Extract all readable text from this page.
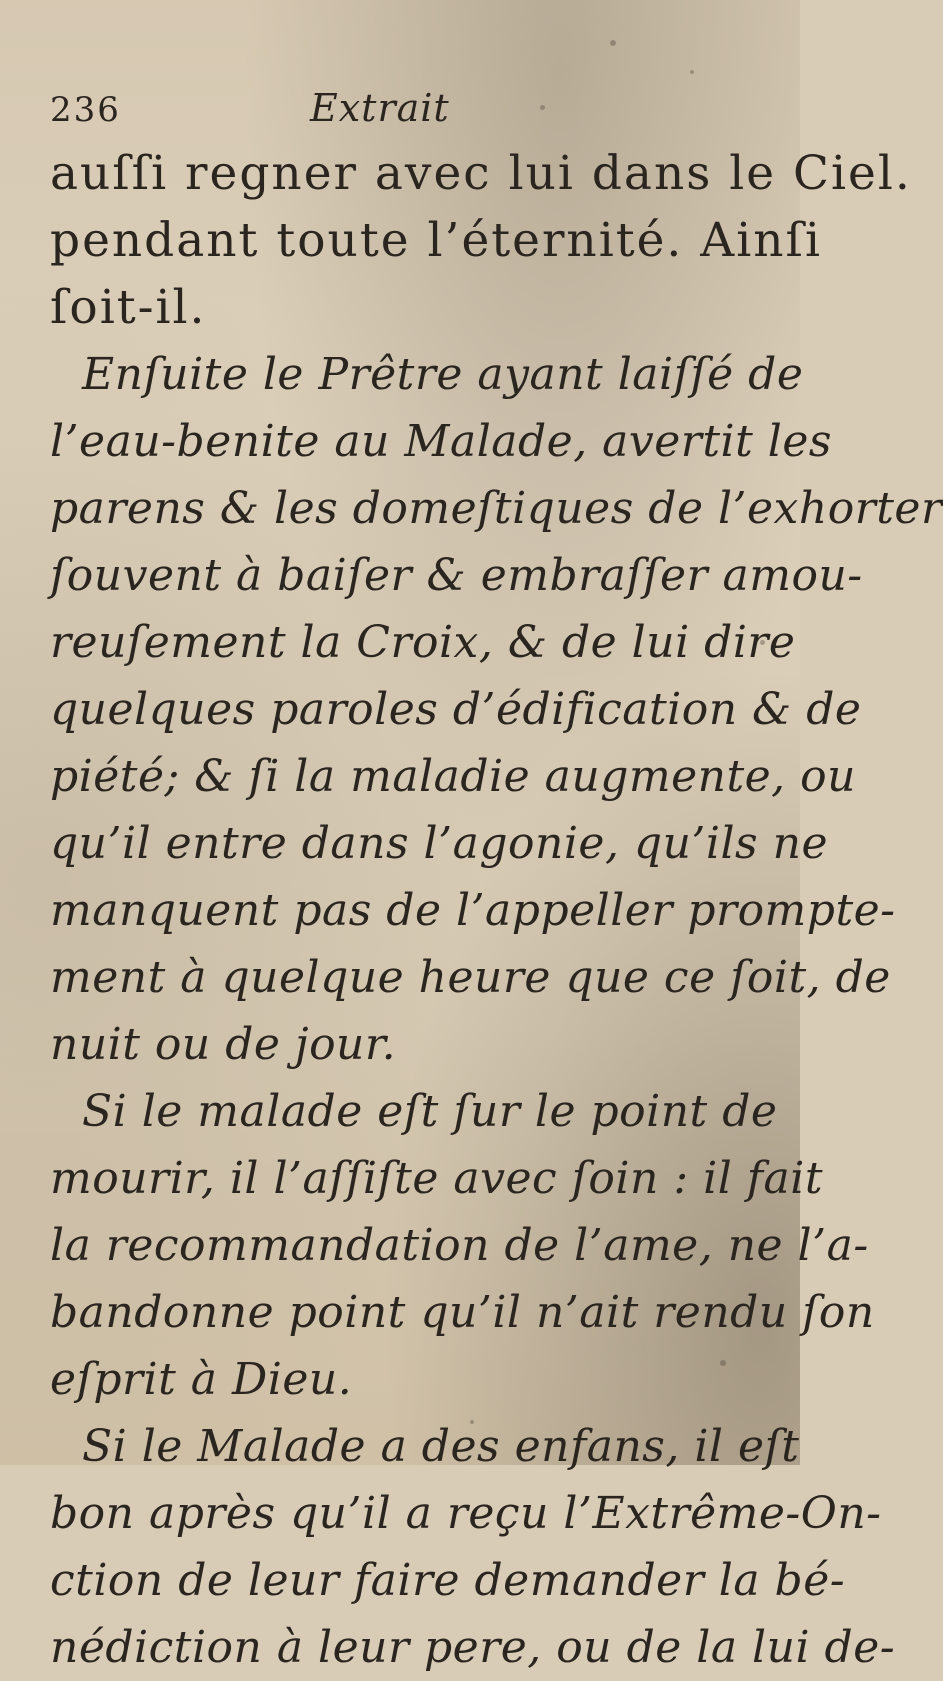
236	Extrait
auſſi regner avec lui dans le Ciel.
pendant toute l’éternité. Ainſi
ſoit-il.
Enſuite le Prêtre ayant laiſſé de
l’eau-benite au Malade, avertit les
parens & les domeſtiques de l’exhorter
ſouvent à baiſer & embraſſer amou-
reuſement la Croix, & de lui dire
quelques paroles d’édification & de
piété; & ſi la maladie augmente, ou
qu’il entre dans l’agonie, qu’ils ne
manquent pas de l’appeller prompte-
ment à quelque heure que ce ſoit, de
nuit ou de jour.
Si le malade eſt ſur le point de
mourir, il l’aſſiſte avec ſoin : il fait
la recommandation de l’ame, ne l’a-
bandonne point qu’il n’ait rendu ſon
eſprit à Dieu.
Si le Malade a des enfans, il eſt
bon après qu’il a reçu l’Extrême-On-
ction de leur faire demander la bé-
nédiction à leur pere, ou de la lui de-
